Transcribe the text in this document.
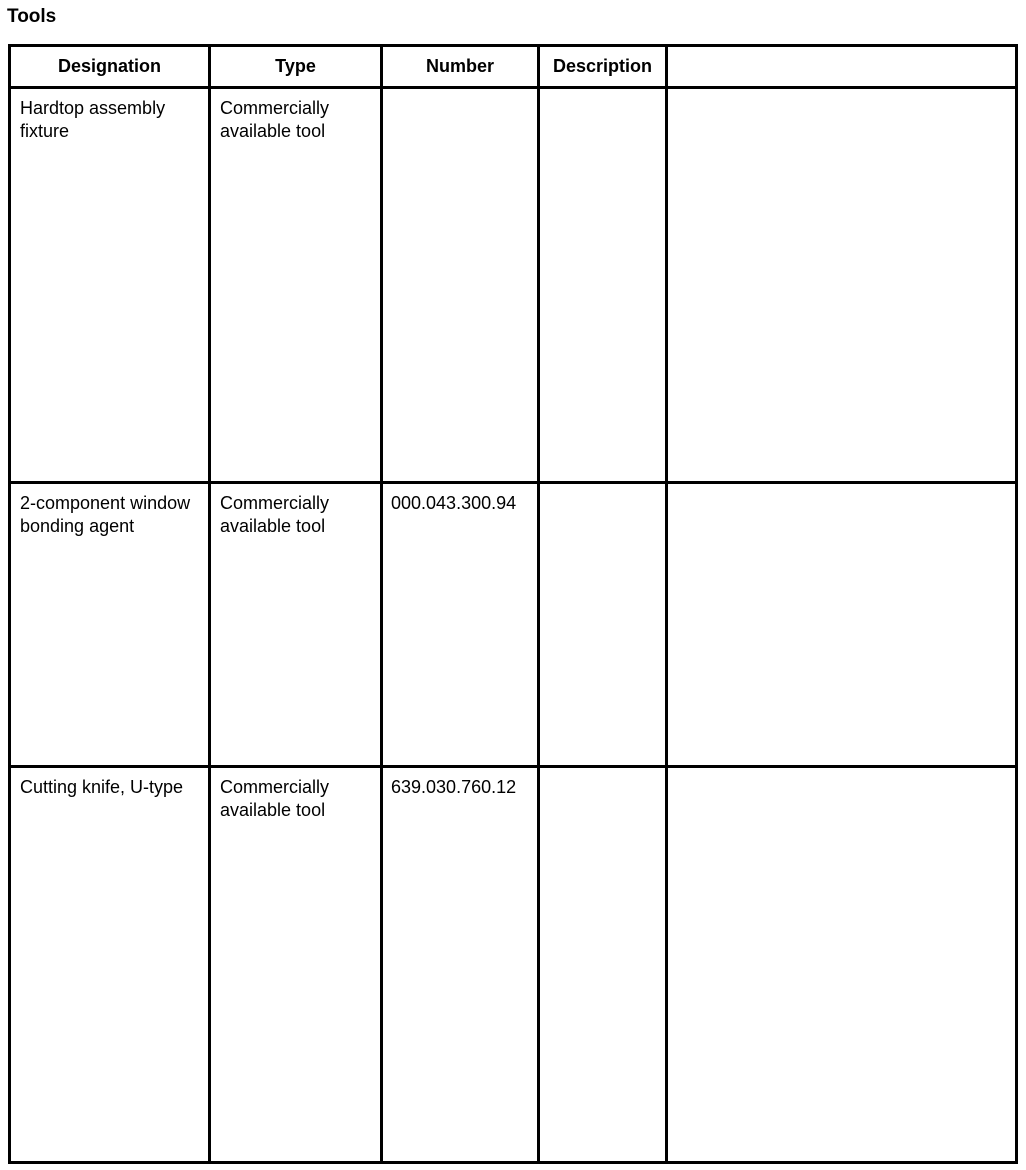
Tools
Designation	Type	Number	Description	

Hardtop assembly fixture	Commercially available tool			

2-component window bonding agent	Commercially available tool	000.043.300.94		

Cutting knife, U-type	Commercially available tool	639.030.760.12		
